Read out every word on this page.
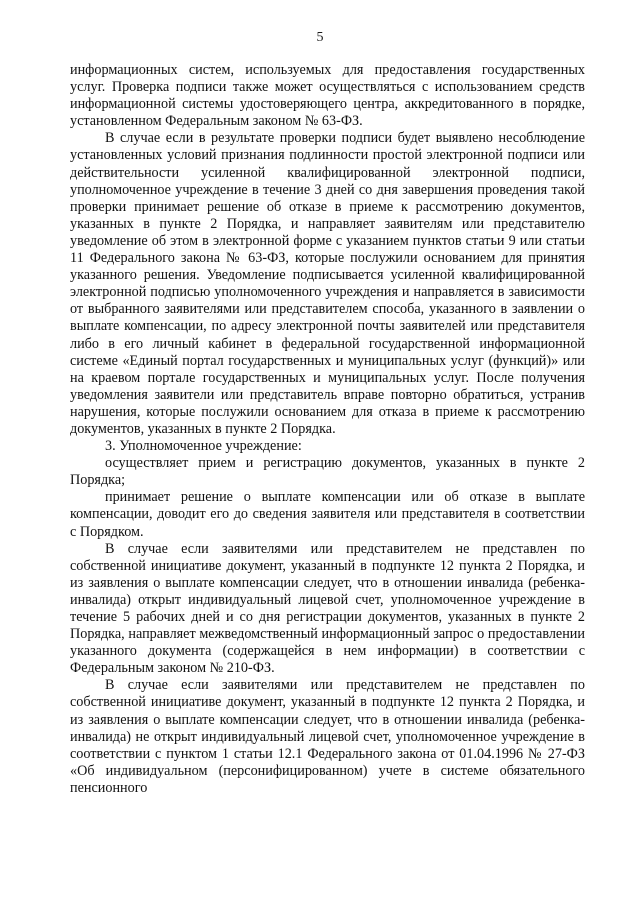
5

информационных систем, используемых для предоставления государственных услуг. Проверка подписи также может осуществляться с использованием средств информационной системы удостоверяющего центра, аккредитованного в порядке, установленном Федеральным законом № 63-ФЗ.

В случае если в результате проверки подписи будет выявлено несоблюдение установленных условий признания подлинности простой электронной подписи или действительности усиленной квалифицированной электронной подписи, уполномоченное учреждение в течение 3 дней со дня завершения проведения такой проверки принимает решение об отказе в приеме к рассмотрению документов, указанных в пункте 2 Порядка, и направляет заявителям или представителю уведомление об этом в электронной форме с указанием пунктов статьи 9 или статьи 11 Федерального закона № 63-ФЗ, которые послужили основанием для принятия указанного решения. Уведомление подписывается усиленной квалифицированной электронной подписью уполномоченного учреждения и направляется в зависимости от выбранного заявителями или представителем способа, указанного в заявлении о выплате компенсации, по адресу электронной почты заявителей или представителя либо в его личный кабинет в федеральной государственной информационной системе «Единый портал государственных и муниципальных услуг (функций)» или на краевом портале государственных и муниципальных услуг. После получения уведомления заявители или представитель вправе повторно обратиться, устранив нарушения, которые послужили основанием для отказа в приеме к рассмотрению документов, указанных в пункте 2 Порядка.

3. Уполномоченное учреждение:

осуществляет прием и регистрацию документов, указанных в пункте 2 Порядка;

принимает решение о выплате компенсации или об отказе в выплате компенсации, доводит его до сведения заявителя или представителя в соответствии с Порядком.

В случае если заявителями или представителем не представлен по собственной инициативе документ, указанный в подпункте 12 пункта 2 Порядка, и из заявления о выплате компенсации следует, что в отношении инвалида (ребенка-инвалида) открыт индивидуальный лицевой счет, уполномоченное учреждение в течение 5 рабочих дней и со дня регистрации документов, указанных в пункте 2 Порядка, направляет межведомственный информационный запрос о предоставлении указанного документа (содержащейся в нем информации) в соответствии с Федеральным законом № 210-ФЗ.

В случае если заявителями или представителем не представлен по собственной инициативе документ, указанный в подпункте 12 пункта 2 Порядка, и из заявления о выплате компенсации следует, что в отношении инвалида (ребенка-инвалида) не открыт индивидуальный лицевой счет, уполномоченное учреждение в соответствии с пунктом 1 статьи 12.1 Федерального закона от 01.04.1996 № 27-ФЗ «Об индивидуальном (персонифицированном) учете в системе обязательного пенсионного
